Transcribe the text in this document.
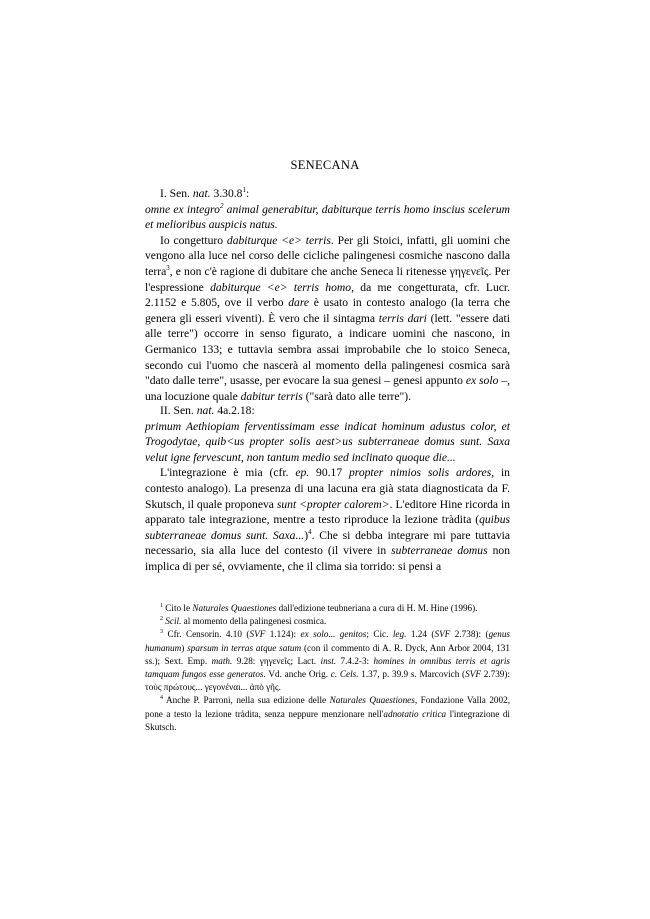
SENECANA

I. Sen. nat. 3.30.8$^1$:

omne ex integro$^2$ animal generabitur, dabiturque terris homo inscius scelerum et melioribus auspicis natus.

Io congetturo dabiturque <e> terris. Per gli Stoici, infatti, gli uomini che vengono alla luce nel corso delle cicliche palingenesi cosmiche nascono dalla terra$^3$, e non c'è ragione di dubitare che anche Seneca li ritenesse γηγενεῖς. Per l'espressione dabiturque <e> terris homo, da me congetturata, cfr. Lucr. 2.1152 e 5.805, ove il verbo dare è usato in contesto analogo (la terra che genera gli esseri viventi). È vero che il sintagma terris dari (lett. "essere dati alle terre") occorre in senso figurato, a indicare uomini che nascono, in Germanico 133; e tuttavia sembra assai improbabile che lo stoico Seneca, secondo cui l'uomo che nascerà al momento della palingenesi cosmica sarà "dato dalle terre", usasse, per evocare la sua genesi – genesi appunto ex solo –, una locuzione quale dabitur terris ("sarà dato alle terre").

II. Sen. nat. 4a.2.18:

primum Aethiopiam ferventissimam esse indicat hominum adustus color, et Trogodytae, quib<us propter solis aest>us subterraneae domus sunt. Saxa velut igne fervescunt, non tantum medio sed inclinato quoque die...

L'integrazione è mia (cfr. ep. 90.17 propter nimios solis ardores, in contesto analogo). La presenza di una lacuna era già stata diagnosticata da F. Skutsch, il quale proponeva sunt <propter calorem>. L'editore Hine ricorda in apparato tale integrazione, mentre a testo riproduce la lezione tràdita (quibus subterraneae domus sunt. Saxa...)$^4$. Che si debba integrare mi pare tuttavia necessario, sia alla luce del contesto (il vivere in subterraneae domus non implica di per sé, ovviamente, che il clima sia torrido: si pensi a

$^1$ Cito le Naturales Quaestiones dall'edizione teubneriana a cura di H. M. Hine (1996).

$^2$ Scil. al momento della palingenesi cosmica.

$^3$ Cfr. Censorin. 4.10 (SVF 1.124): ex solo... genitos; Cic. leg. 1.24 (SVF 2.738): (genus humanum) sparsum in terras atque satum (con il commento di A. R. Dyck, Ann Arbor 2004, 131 ss.); Sext. Emp. math. 9.28: γηγενεῖς; Lact. inst. 7.4.2-3: homines in omnibus terris et agris tamquam fungos esse generatos. Vd. anche Orig. c. Cels. 1.37, p. 39.9 s. Marcovich (SVF 2.739): τοὺς πρώτους... γεγονέναι... ἀπὸ γῆς.

$^4$ Anche P. Parroni, nella sua edizione delle Naturales Quaestiones, Fondazione Valla 2002, pone a testo la lezione tràdita, senza neppure menzionare nell'adnotatio critica l'integrazione di Skutsch.
